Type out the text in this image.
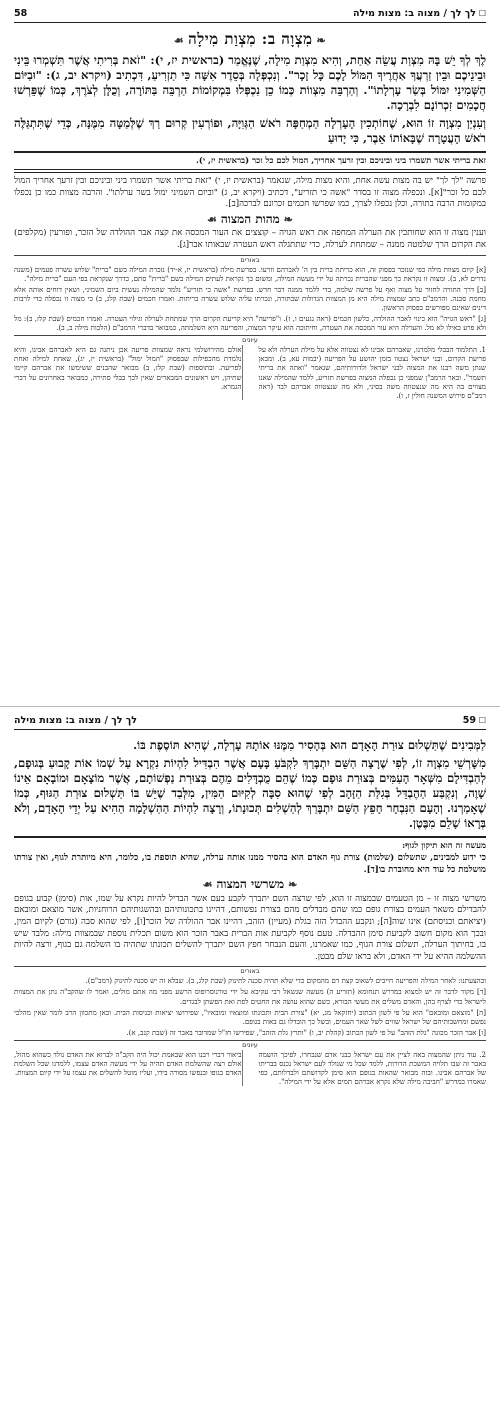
☐ לך לך / מצוה ב: מצות מילה
58
❧מִצְוָה ב: מִצְוַת מִילָה☙

לֶךְ לְךָ יֵשׁ בָּהּ מִצְוַת עֲשֵׂה אַחַת, וְהִיא מִצְוַת מִילָה, שֶׁנֶּאֱמַר (בראשית יז, י): "זֹאת בְּרִיתִי אֲשֶׁר תִּשְׁמְרוּ בֵּינִי וּבֵינֵיכֶם וּבֵין זַרְעֲךָ אַחֲרֶיךָ הִמּוֹל לָכֶם כָּל זָכָר". וְנִכְפְּלָה בְּסֵדֶר אִשָּׁה כִּי תַזְרִיעַ, דִּכְתִיב (ויקרא יב, ג): "וּבַיּוֹם הַשְּׁמִינִי יִמּוֹל בְּשַׂר עָרְלָתוֹ". וְהַרְבֵּה מִצְווֹת כְּמוֹ כֵן נִכְפְּלוּ בִּמְקוֹמוֹת הַרְבֵּה בַּתּוֹרָה, וְכֻלָּן לְצֹרֶךְ, כְּמוֹ שֶׁפֵּרְשׁוּ חֲכָמִים זִכְרוֹנָם לִבְרָכָה.

וְעִנְיַן מִצְוָה זוֹ הוּא, שֶׁחוֹתְכִין הָעָרְלָה הַמְחַפָּה רֹאשׁ הַגְּוִיָּה, וּפוֹרְעִין קְרוּם רַךְ שֶׁלְּמַטָּה מִמֶּנָּה, כְּדֵי שֶׁתִּתְגַּלֶּה רֹאשׁ הָעֲטָרָה שֶׁבָּאוֹתוֹ אֵבֶר, כִּי יָדוּעַ

זאת בריתי אשר תשמרו ביני וביניכם ובין זרעך אחריך, המול לכם כל זכר (בראשית יז, י).

פרשה "לך לך" יש בה מצות עשה אחת, והיא מצות מילה, שנאמר (בראשית יז, י) "זאת בריתי אשר תשמרו ביני וביניכם ובין זרעך אחריך המול לכם כל זכר"[א]. ונכפלה מצוה זו בסדר "אשה כי תזריע", דכתיב (ויקרא יב, ג) "וביום השמיני ימול בשר ערלתו". והרבה מצוות כמו כן נכפלו במקומות הרבה בתורה, וכלן נכפלו לצרך, כמו שפרשו חכמים זכרונם לברכה[ב].

❧מהות המצוה☙

וענין מצוה זו הוא שחותכין את הערלה המחפה את ראש הגויה – קוצצים את העור המכסה את קצה אבר ההולדה של הזכר, ופורעין (מקלפים) את הקרום הרך שלמטה ממנה – שמתחת לערלה, כדי שתתגלה ראש העטרה שבאותו אבר[ג].

באורים

[א] קיום מצוות מילה כפי שנזכר בפסוק זה, הוא כריתת ברית בין ה' לאברהם וזרעו. בפרשת מילה (בראשית יז, א-יד) נזכרת המילה בשם "ברית" שלוש עשרה פעמים (משנה נדרים לא, ב). ומצוה זו נקראת כך מפני שהברית נכרתה על ידי מעשה המילה, ומשום כך נקראת לעתים המילה בשם "ברית" סתם, כדרך שנקראת בפי העם "ברית מילה".

[ב] דרך התורה לחזור על מצוה ואף על פרשה שלמה, כדי ללמד ממנה דבר חדש. בפרשת "אשה כי תזריע" נלמד שהמילה נעשית ביום השמיני, ושאין דוחים אותה אלא מחמת סכנה. והרמב"ם כתב שמצות מילה היא מן המצוות הגדולות שבתורה, ונכרתו עליה שלוש עשרה בריתות. ואמרו חכמים (שבת קלג, ב) כי מצוה זו נכפלה כדי לרבות דינים שאינם מפורשים בפסוק הראשון.

[ג] "ראש הגויה" הוא כינוי לאבר ההולדה, כלשון חכמים (ראה נגעים ו, ז). ו"פריעה" היא קריעת הקרום הרך שמתחת לערלה וגילוי העטרה. ואמרו חכמים (שבת קלז, ב): מל ולא פרע כאילו לא מל. והערלה היא עור המכסה את העטרה, וחיתוכה הוא עיקר המצוה, והפריעה היא השלמתה, כמבואר בדברי הרמב"ם (הלכות מילה ב, ב).

עיונים
1. התלמוד הבבלי מלמדנו, שאברהם אבינו לא נצטווה אלא על מילת הערלה ולא על פריעת הקרום, ובני ישראל נצטוו בזמן יהושע על הפריעה (יבמות עא, ב). ומכאן שנתן משה רבנו את המצוה לבני ישראל ולדורותיהם, שנאמר "ואתה את בריתי תשמר". ובאר הרמב"ן שמפני כן נכפלה המצוה בפרשת תזריע, ללמד שהמילה שאנו מצווים בה היא מה שנצטווה משה בסיני, ולא מה שנצטווה אברהם לבד (ראה רמב"ם פירוש המשנה חולין ז, ו).
אולם מהירושלמי נראה שמצוות פריעה אכן ניתנה גם היא לאברהם אבינו, והיא נלמדת מהכפילות שבפסוק "המול ימול" (בראשית יז, יג), שאחת למילה ואחת לפריעה. ובתוספות (שבת קלז, ב) מבואר שהבנים ששימשו את אברהם קיימו שתיהן, ויש ראשונים המבארים שאין לכך בבלי סתירה, כמבואר באחרונים על דברי הגמרא.
59 ☐
לך לך / מצוה ב: מצות מילה

לַמְּבִינִים שֶׁתַּשְׁלוּם צוּרַת הָאָדָם הוּא בְּהָסִיר מִמֶּנּוּ אוֹתָהּ עָרְלָה, שֶׁהִיא תּוֹסֶפֶת בּוֹ.

מִשָּׁרְשֵׁי מִצְוָה זוֹ, לְפִי שֶׁרָצָה הַשֵּׁם יִתְבָּרַךְ לִקְבֹּעַ בָּעָם אֲשֶׁר הִבְדִּיל לִהְיוֹת נִקְרָא עַל שְׁמוֹ אוֹת קָבוּעַ בְּגוּפָם, לְהַבְדִּילָם מִשְּׁאָר הָעַמִּים בְּצוּרַת גּוּפָם כְּמוֹ שֶׁהֵם מֻבְדָּלִים מֵהֶם בְּצוּרַת נַפְשׁוֹתָם, אֲשֶׁר מוֹצָאָם וּמוֹבָאָם אֵינוֹ שָׁוֶה, וְנִקְבַּע הַהֶבְדֵּל בְּגִלַּת הַזָּהָב לְפִי שֶׁהוּא סִבָּה לְקִיּוּם הַמִּין, מִלְּבַד שֶׁיֵּשׁ בּוֹ תַּשְׁלוּם צוּרַת הַגּוּף, כְּמוֹ שֶׁאָמַרְנוּ. וְהָעָם הַנִּבְחָר חָפֵץ הַשֵּׁם יִתְבָּרַךְ לְהַשְׁלִים תְּכוּנָתוֹ, וְרָצָה לִהְיוֹת הַהַשְׁלָמָה הַהִיא עַל יְדֵי הָאָדָם, וְלֹא בְּרָאוֹ שָׁלֵם מִבֶּטֶן.

מעשה זה הוא תיקון לגוף:

כי ידוע למבינים, שתשלום (שלמות) צורת גוף האדם הוא בהסיר ממנו אותה ערלה, שהיא תוספת בו, כלומר, היא מיותרת לגוף, ואין צורתו מושלמת כל עוד היא מחוברת בו[ד].

❧משרשי המצוה☙

משרשי מצוה זו – מן הטעמים שבמצוה זו הוא, לפי שרצה השם יתברך לקבע בעם אשר הבדיל להיות נקרא על שמו, אות (סימן) קבוע בגופם להבדילם משאר העמים בצורת גופם כמו שהם מבדלים מהם בצורת נפשותם, דהיינו בתכונותיהם ובהשגותיהם הרוחניות, אשר מוצאם ומובאם (יציאתם וכניסתם) אינו שוה[ה]; ונקבע ההבדל הזה בגלת (מעיין) הזהב, דהיינו אבר ההולדה של הזכר[ו], לפי שהוא סבה (גורם) לקיום המין, ובכך הוא מקום חשוב לקביעת סימן ההבדלה. טעם נוסף לקביעת אות הברית באבר הזכר הוא משום תכלית נוספת שבמצוות מילה: מלבד שיש בו, בחיתוך הערלה, תשלום צורת הגוף, כמו שאמרנו, והעם הנבחר חפץ השם יתברך להשלים תכונתו שתהיה בו השלמה גם בגוף, ורצה להיות ההשלמה ההיא על ידי האדם, ולא בראו שלם מבטן.

באורים

ובהצעתנו: לאחר המילה והפריעה חייבים לשאוב קצת דם מהמקום כדי שלא תהיה סכנה לתינוק (שבת קלג, ב). שבלא זה יש סכנה לתינוק (רמב"ם).

[ד] מקור לדבר זה יש למצוא במדרש תנחומא (תזריע ה) מעשה שנשאל רבי עקיבא על ידי טורנוסרופוס הרשע מפני מה אתם מולים, ואמר לו שהקב"ה נתן את המצוות לישראל כדי לצרף בהן, והאדם משלים את מעשי הבורא, כשם שהוא עושה את החטים לפת ואת הפשתן לבגדים.

[ה] "מוצאם ומובאם" הוא על פי לשון הכתוב (יחזקאל מג, יא) "צורת הבית ותכונתו ומוצאיו ומובאיו", שפירושו יציאות וכניסות הבית. וכאן מתכוון הרב לומר שאין מהלכי נפשם ומחשבותיהם של ישראל שווים לשל שאר העמים, ובשל כך הובדלו גם באות בגופם.

[ו] אבר הזכר מכונה "גלת הזהב" על פי לשון הכתוב (קהלת יב, ו) "ותרץ גלת הזהב", שפירשו חז"ל שמדובר באבר זה (שבת קנב, א).

עיונים
2. עוד ניתן שהמצוה באה לציין את עם ישראל כבני אדם שנבחרו, לפיכך הושמה באבר זה שבו תלויה המשכת הדורות, ללמד שכל מי שנולד לעם ישראל נכנס בבריתו של אברהם אבינו. ובזה מבואר שהאות בגופם הוא סימן לקדושתם ולבדלותם, כפי שאמרו במדרש "חביבה מילה שלא נקרא אברהם תמים אלא על ידי המילה".
ביאור דברי רבנו הוא שבאמת יכול היה הקב"ה לברוא את האדם נולד כשהוא מהול, אולם רצה שהשלמת האדם תהיה על ידי מעשה האדם עצמו, ללמדנו שכל השלמת האדם בגופו ובנפשו מסורה בידו, ועליו מוטל להשלים את עצמו על ידי קיום המצוות.
